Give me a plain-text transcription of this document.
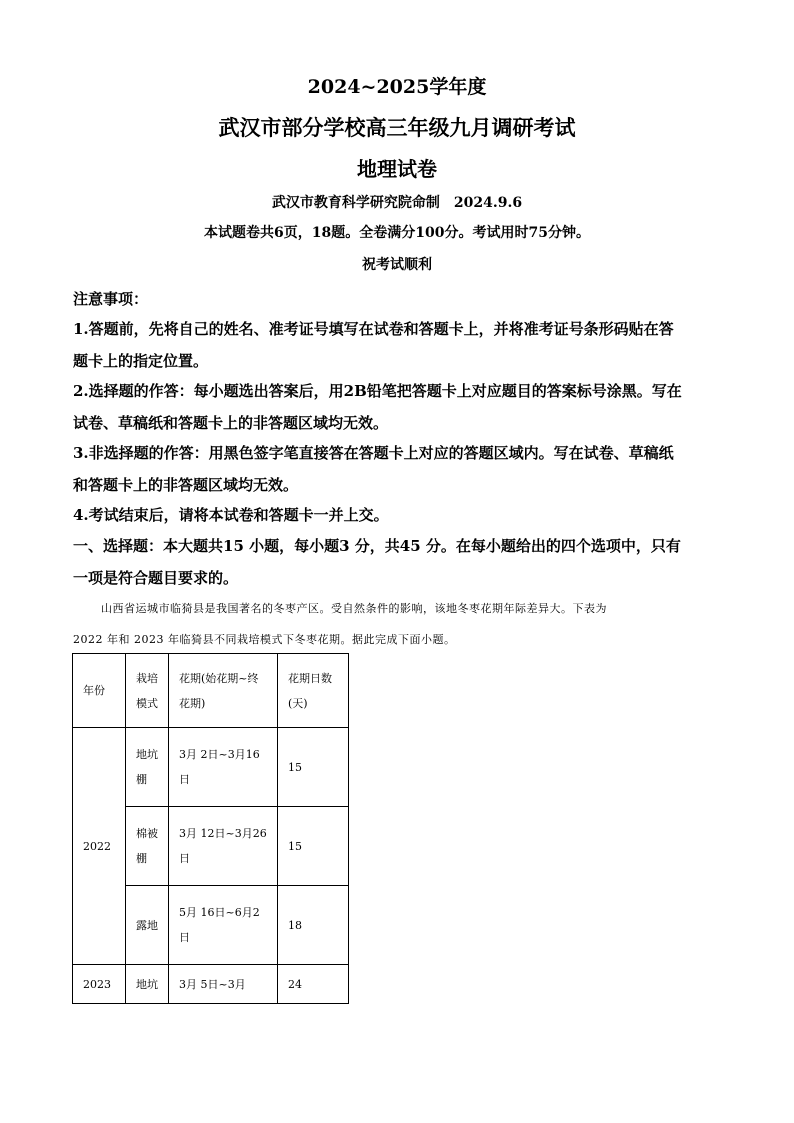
2024~2025学年度
武汉市部分学校高三年级九月调研考试
地理试卷
武汉市教育科学研究院命制　2024.9.6
本试题卷共6页，18题。全卷满分100分。考试用时75分钟。
祝考试顺利
注意事项：
1.答题前，先将自己的姓名、准考证号填写在试卷和答题卡上，并将准考证号条形码贴在答
题卡上的指定位置。
2.选择题的作答：每小题选出答案后，用2B铅笔把答题卡上对应题目的答案标号涂黑。写在
试卷、草稿纸和答题卡上的非答题区域均无效。
3.非选择题的作答：用黑色签字笔直接答在答题卡上对应的答题区域内。写在试卷、草稿纸
和答题卡上的非答题区域均无效。
4.考试结束后，请将本试卷和答题卡一并上交。
一、选择题：本大题共15 小题，每小题3 分，共45 分。在每小题给出的四个选项中，只有
一项是符合题目要求的。
山西省运城市临猗县是我国著名的冬枣产区。受自然条件的影响，该地冬枣花期年际差异大。下表为
2022 年和 2023 年临猗县不同栽培模式下冬枣花期。据此完成下面小题。
年份	栽培模式	花期(始花期~终花期)	花期日数(天)
2022	地坑棚	3月 2日~3月16日	15
	棉被棚	3月 12日~3月26日	15
	露地	5月 16日~6月2日	18
2023	地坑	3月 5日~3月	24
